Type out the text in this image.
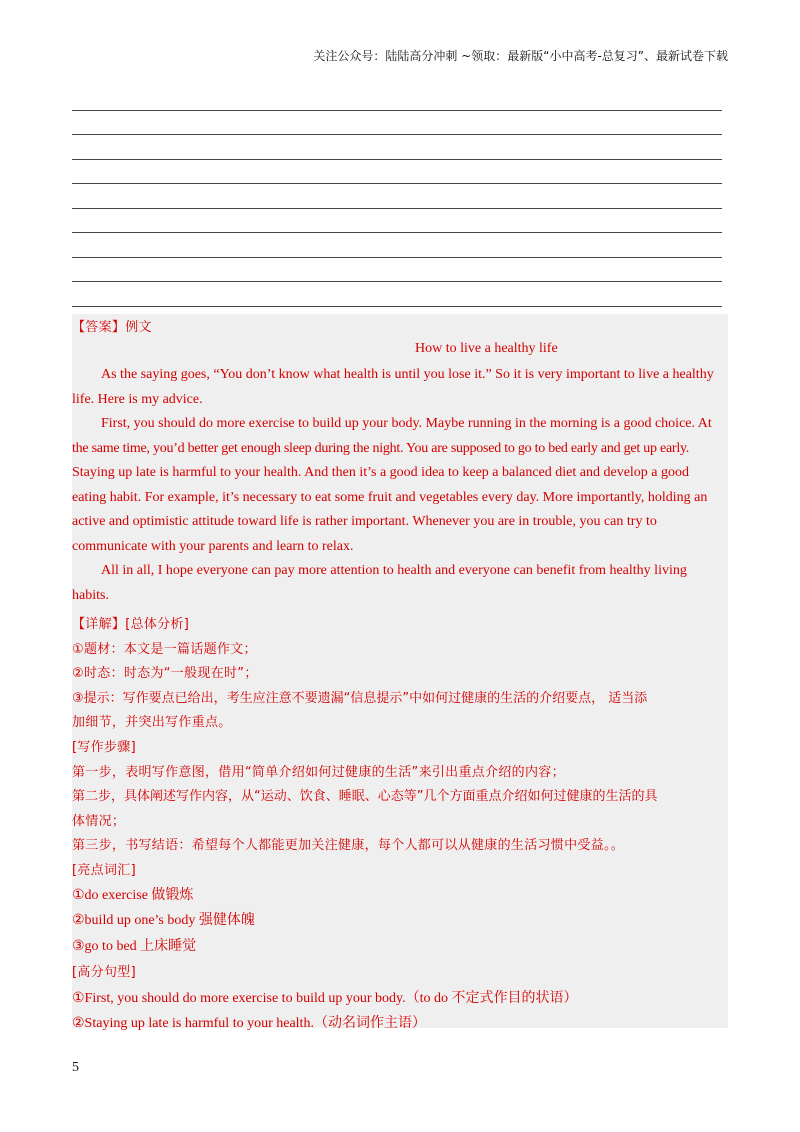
关注公众号：陆陆高分冲刺 ~领取：最新版“小中高考-总复习”、最新试卷下载
【答案】例文
How to live a healthy life
As the saying goes, “You don’t know what health is until you lose it.” So it is very important to live a healthy
life. Here is my advice.
First, you should do more exercise to build up your body. Maybe running in the morning is a good choice. At
the same time, you’d better get enough sleep during the night. You are supposed to go to bed early and get up early.
Staying up late is harmful to your health. And then it’s a good idea to keep a balanced diet and develop a good
eating habit. For example, it’s necessary to eat some fruit and vegetables every day. More importantly, holding an
active and optimistic attitude toward life is rather important. Whenever you are in trouble, you can try to
communicate with your parents and learn to relax.
All in all, I hope everyone can pay more attention to health and everyone can benefit from healthy living
habits.
【详解】[总体分析]
①题材：本文是一篇话题作文；
②时态：时态为“一般现在时”；
③提示：写作要点已给出，考生应注意不要遗漏“信息提示”中如何过健康的生活的介绍要点， 适当添
加细节，并突出写作重点。
[写作步骤]
第一步，表明写作意图，借用“简单介绍如何过健康的生活”来引出重点介绍的内容；
第二步，具体阐述写作内容，从“运动、饮食、睡眠、心态等”几个方面重点介绍如何过健康的生活的具
体情况；
第三步，书写结语：希望每个人都能更加关注健康，每个人都可以从健康的生活习惯中受益。。
[亮点词汇]
①do exercise 做锻炼
②build up one’s body 强健体魄
③go to bed 上床睡觉
[高分句型]
①First, you should do more exercise to build up your body.（to do 不定式作目的状语）
②Staying up late is harmful to your health.（动名词作主语）
5
